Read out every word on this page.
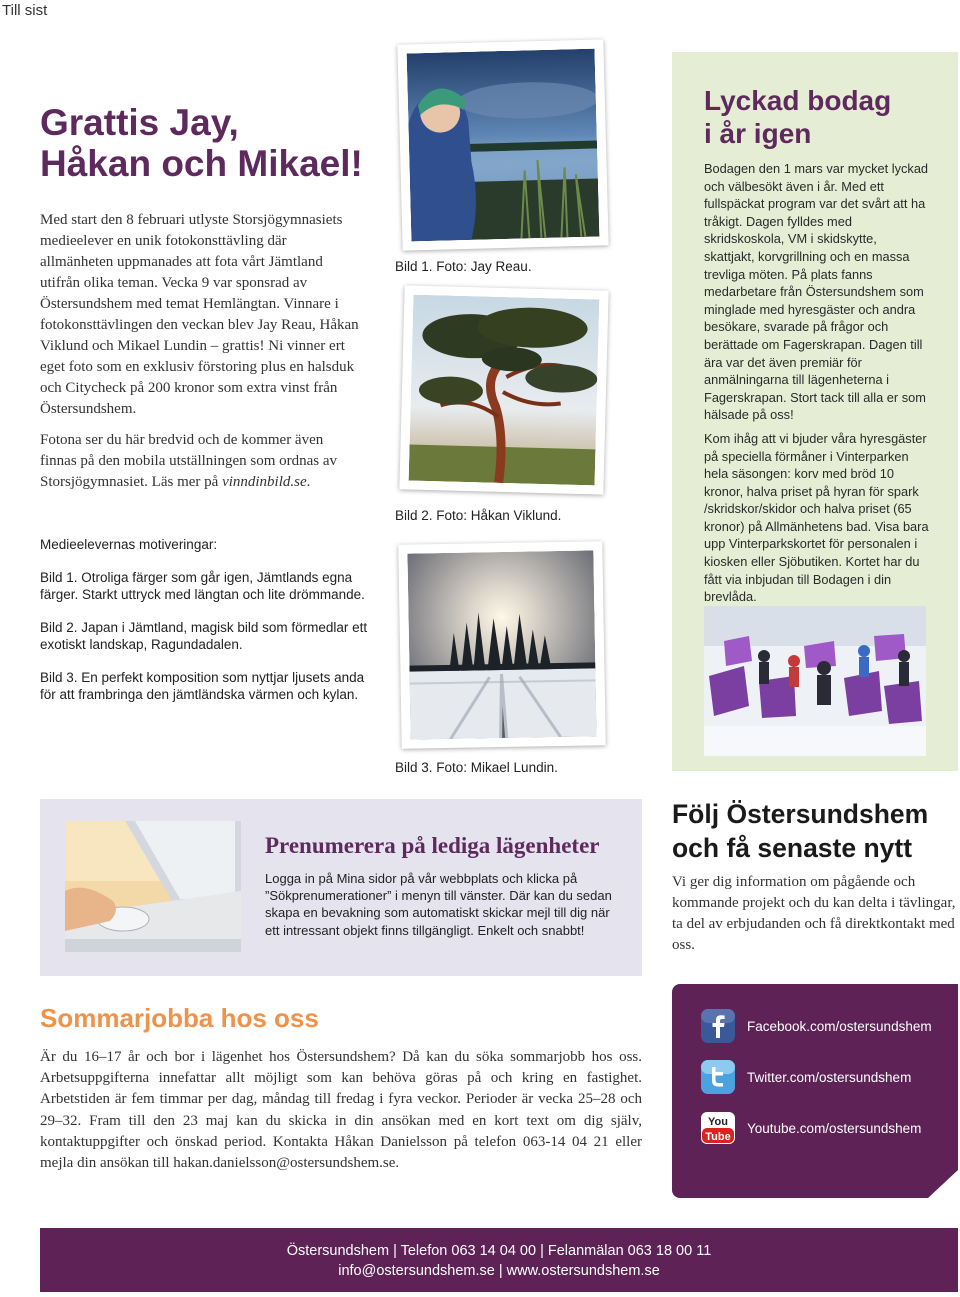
Till sist
Grattis Jay,
Håkan och Mikael!

Med start den 8 februari utlyste Storsjögymnasiets medieelever en unik fotokonsttävling där allmänheten uppmanades att fota vårt Jämtland utifrån olika teman. Vecka 9 var sponsrad av Östersundshem med temat Hemlängtan. Vinnare i fotokonsttävlingen den veckan blev Jay Reau, Håkan Viklund och Mikael Lundin – grattis! Ni vinner ert eget foto som en exklusiv förstoring plus en halsduk och Citycheck på 200 kronor som extra vinst från Östersundshem.

Fotona ser du här bredvid och de kommer även finnas på den mobila utställningen som ordnas av Storsjögymnasiet. Läs mer på vinndinbild.se.

Medieelevernas motiveringar:

Bild 1. Otroliga färger som går igen, Jämtlands egna färger. Starkt uttryck med längtan och lite drömmande.

Bild 2. Japan i Jämtland, magisk bild som förmedlar ett exotiskt landskap, Ragundadalen.

Bild 3. En perfekt komposition som nyttjar ljusets anda för att frambringa den jämtländska värmen och kylan.

Bild 1. Foto: Jay Reau.
Bild 2. Foto: Håkan Viklund.
Bild 3. Foto: Mikael Lundin.
Lyckad bodag
i år igen

Bodagen den 1 mars var mycket lyckad och välbesökt även i år. Med ett fullspäckat program var det svårt att ha tråkigt. Dagen fylldes med skridskoskola, VM i skidskytte, skattjakt, korvgrillning och en massa trevliga möten. På plats fanns medarbetare från Östersundshem som minglade med hyresgäster och andra besökare, svarade på frågor och berättade om Fagerskrapan. Dagen till ära var det även premiär för anmälningarna till lägenheterna i Fagerskrapan. Stort tack till alla er som hälsade på oss!

Kom ihåg att vi bjuder våra hyresgäster på speciella förmåner i Vinterparken hela säsongen: korv med bröd 10 kronor, halva priset på hyran för spark /skridskor/skidor och halva priset (65 kronor) på Allmänhetens bad. Visa bara upp Vinterparkskortet för personalen i kiosken eller Sjöbutiken. Kortet har du fått via inbjudan till Bodagen i din brevlåda.

Prenumerera på lediga lägenheter
Logga in på Mina sidor på vår webbplats och klicka på ”Sökprenumerationer” i menyn till vänster. Där kan du sedan skapa en bevakning som automatiskt skickar mejl till dig när ett intressant objekt finns tillgängligt. Enkelt och snabbt!
Följ Östersundshem
och få senaste nytt
Vi ger dig information om pågående och kommande projekt och du kan delta i tävlingar, ta del av erbjudanden och få direktkontakt med oss.
Sommarjobba hos oss
Är du 16–17 år och bor i lägenhet hos Östersundshem? Då kan du söka sommarjobb hos oss. Arbetsuppgifterna innefattar allt möjligt som kan behöva göras på och kring en fastighet. Arbetstiden är fem timmar per dag, måndag till fredag i fyra veckor. Perioder är vecka 25–28 och 29–32. Fram till den 23 maj kan du skicka in din ansökan med en kort text om dig själv, kontaktuppgifter och önskad period. Kontakta Håkan Danielsson på telefon 063-14 04 21 eller mejla din ansökan till hakan.danielsson@ostersundshem.se.
Facebook.com/ostersundshem
Twitter.com/ostersundshem
You
Tube
Youtube.com/ostersundshem
Östersundshem | Telefon 063 14 04 00 | Felanmälan 063 18 00 11
info@ostersundshem.se | www.ostersundshem.se
